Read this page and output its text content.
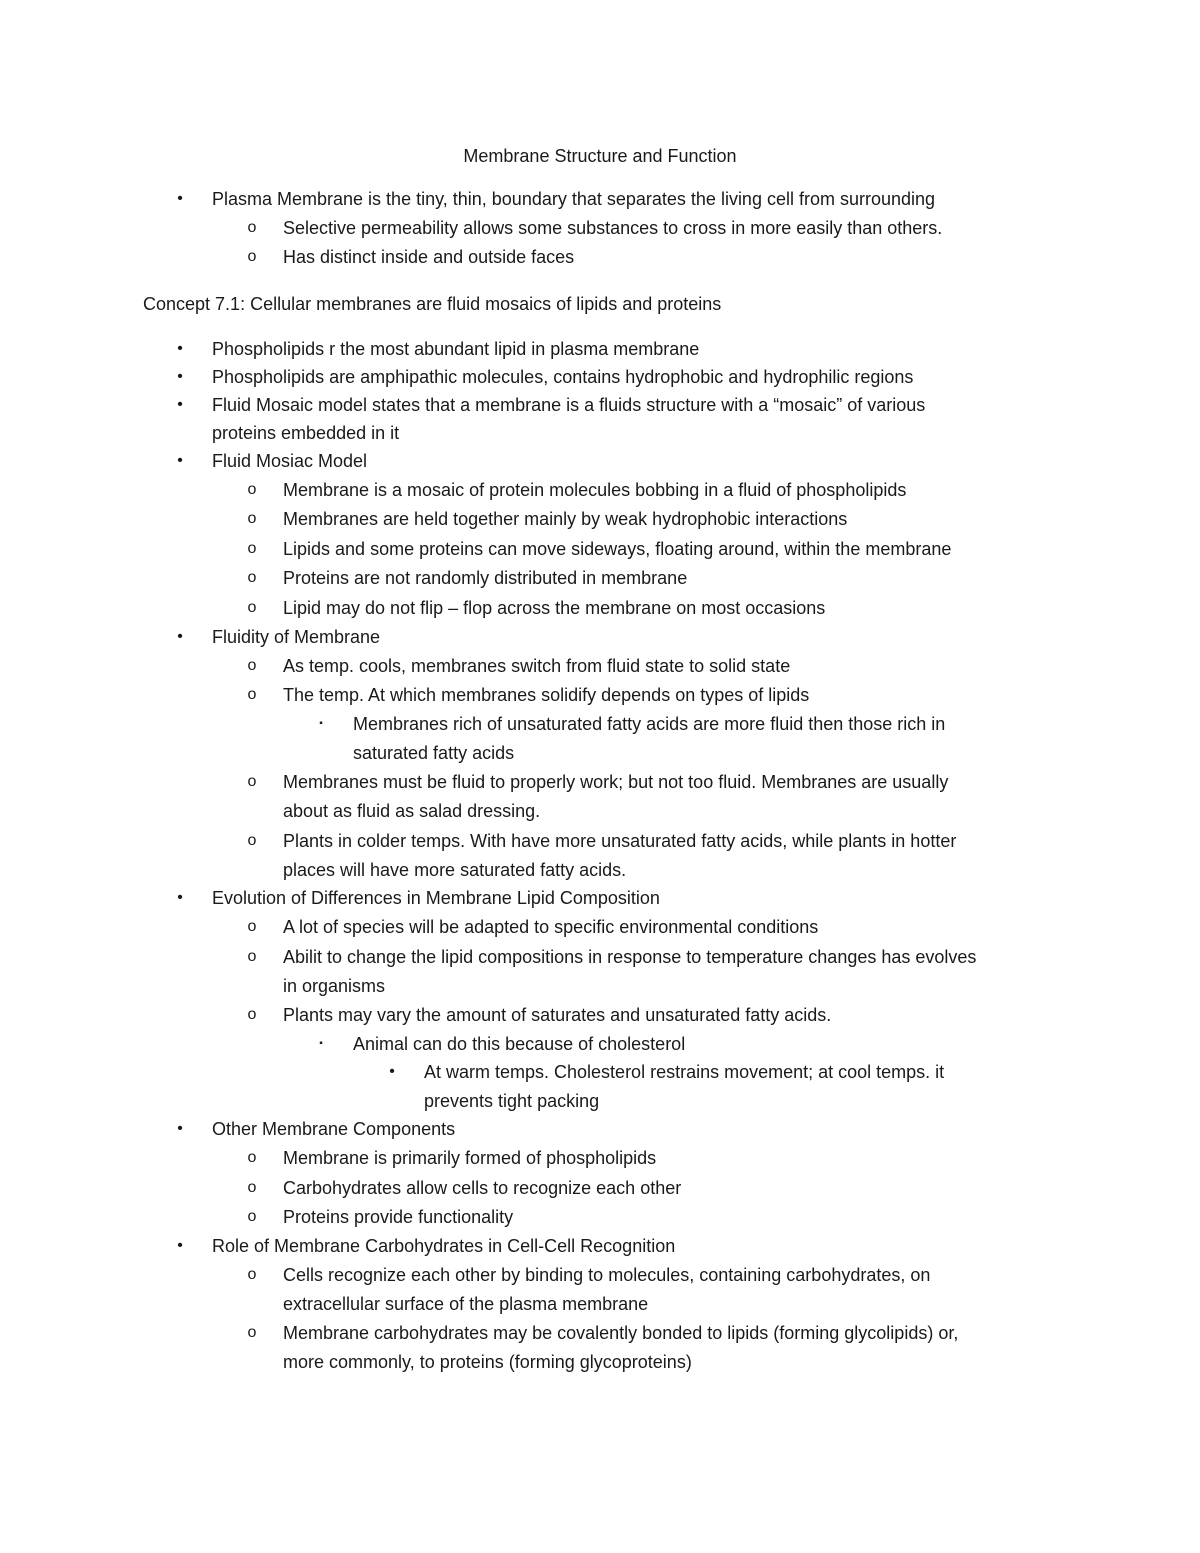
Membrane Structure and Function
• Plasma Membrane is the tiny, thin, boundary that separates the living cell from surrounding
o Selective permeability allows some substances to cross in more easily than others.
o Has distinct inside and outside faces
Concept 7.1: Cellular membranes are fluid mosaics of lipids and proteins
• Phospholipids r the most abundant lipid in plasma membrane
• Phospholipids are amphipathic molecules, contains hydrophobic and hydrophilic regions
• Fluid Mosaic model states that a membrane is a fluids structure with a “mosaic” of various
proteins embedded in it
• Fluid Mosiac Model
o Membrane is a mosaic of protein molecules bobbing in a fluid of phospholipids
o Membranes are held together mainly by weak hydrophobic interactions
o Lipids and some proteins can move sideways, floating around, within the membrane
o Proteins are not randomly distributed in membrane
o Lipid may do not flip – flop across the membrane on most occasions
• Fluidity of Membrane
o As temp. cools, membranes switch from fluid state to solid state
o The temp. At which membranes solidify depends on types of lipids
▪	Membranes rich of unsaturated fatty acids are more fluid then those rich in
saturated fatty acids
o Membranes must be fluid to properly work; but not too fluid. Membranes are usually
about as fluid as salad dressing.
o Plants in colder temps. With have more unsaturated fatty acids, while plants in hotter
places will have more saturated fatty acids.
• Evolution of Differences in Membrane Lipid Composition
o A lot of species will be adapted to specific environmental conditions
o Abilit to change the lipid compositions in response to temperature changes has evolves
in organisms
o Plants may vary the amount of saturates and unsaturated fatty acids.
▪	Animal can do this because of cholesterol
• At warm temps. Cholesterol restrains movement; at cool temps. it
prevents tight packing
• Other Membrane Components
o Membrane is primarily formed of phospholipids
o Carbohydrates allow cells to recognize each other
o Proteins provide functionality
• Role of Membrane Carbohydrates in Cell-Cell Recognition
o Cells recognize each other by binding to molecules, containing carbohydrates, on
extracellular surface of the plasma membrane
o Membrane carbohydrates may be covalently bonded to lipids (forming glycolipids) or,
more commonly, to proteins (forming glycoproteins)
